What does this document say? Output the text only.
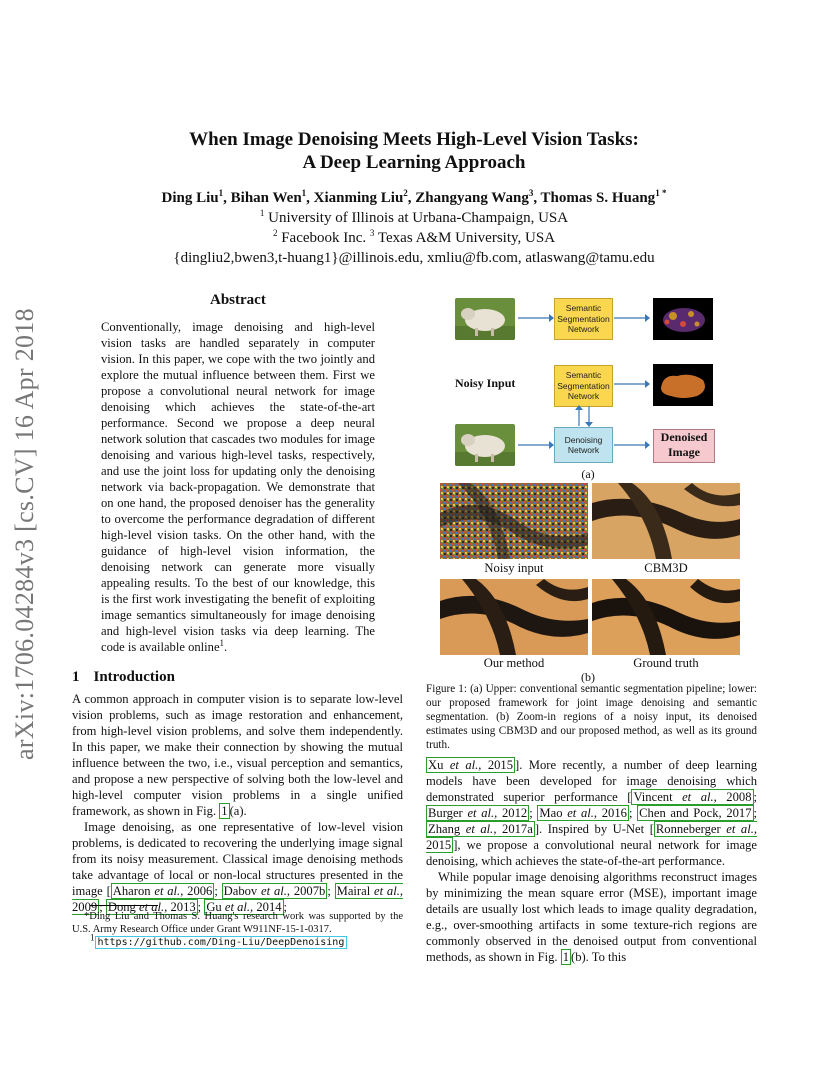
arXiv:1706.04284v3 [cs.CV] 16 Apr 2018
When Image Denoising Meets High-Level Vision Tasks:
A Deep Learning Approach
Ding Liu$^1$, Bihan Wen$^1$, Xianming Liu$^2$, Zhangyang Wang$^3$, Thomas S. Huang$^{1 *}$
$^1$ University of Illinois at Urbana-Champaign, USA
$^2$ Facebook Inc. $^3$ Texas A&M University, USA
{dingliu2,bwen3,t-huang1}@illinois.edu, xmliu@fb.com, atlaswang@tamu.edu
Abstract
Conventionally, image denoising and high-level vision tasks are handled separately in computer vision. In this paper, we cope with the two jointly and explore the mutual influence between them. First we propose a convolutional neural network for image denoising which achieves the state-of-the-art performance. Second we propose a deep neural network solution that cascades two modules for image denoising and various high-level tasks, respectively, and use the joint loss for updating only the denoising network via back-propagation. We demonstrate that on one hand, the proposed denoiser has the generality to overcome the performance degradation of different high-level vision tasks. On the other hand, with the guidance of high-level vision information, the denoising network can generate more visually appealing results. To the best of our knowledge, this is the first work investigating the benefit of exploiting image semantics simultaneously for image denoising and high-level vision tasks via deep learning. The code is available online$^1$.
1 Introduction

A common approach in computer vision is to separate low-level vision problems, such as image restoration and enhancement, from high-level vision problems, and solve them independently. In this paper, we make their connection by showing the mutual influence between the two, i.e., visual perception and semantics, and propose a new perspective of solving both the low-level and high-level computer vision problems in a single unified framework, as shown in Fig. 1 (a).

Image denoising, as one representative of low-level vision problems, is dedicated to recovering the underlying image signal from its noisy measurement. Classical image denoising methods take advantage of local or non-local structures presented in the image [ Aharon et al., 2006 ; Dabov et al., 2007b ; Mairal et al., 2009 ; Dong et al., 2013 ; Gu et al., 2014 ;

*Ding Liu and Thomas S. Huang's research work was supported by the U.S. Army Research Office under Grant W911NF-15-1-0317.
$^1$ https://github.com/Ding-Liu/DeepDenoising
Semantic Segmentation Network
Noisy Input
Semantic Segmentation Network
Denoising Network
Denoised Image
(a)
Noisy input	CBM3D
Our method	Ground truth
(b)
Figure 1: (a) Upper: conventional semantic segmentation pipeline; lower: our proposed framework for joint image denoising and semantic segmentation. (b) Zoom-in regions of a noisy input, its denoised estimates using CBM3D and our proposed method, as well as its ground truth.

Xu et al., 2015 ]. More recently, a number of deep learning models have been developed for image denoising which demonstrated superior performance [ Vincent et al., 2008 ; Burger et al., 2012 ; Mao et al., 2016 ; Chen and Pock, 2017 ; Zhang et al., 2017a ]. Inspired by U-Net [ Ronneberger et al., 2015 ], we propose a convolutional neural network for image denoising, which achieves the state-of-the-art performance.

While popular image denoising algorithms reconstruct images by minimizing the mean square error (MSE), important image details are usually lost which leads to image quality degradation, e.g., over-smoothing artifacts in some texture-rich regions are commonly observed in the denoised output from conventional methods, as shown in Fig. 1 (b). To this
